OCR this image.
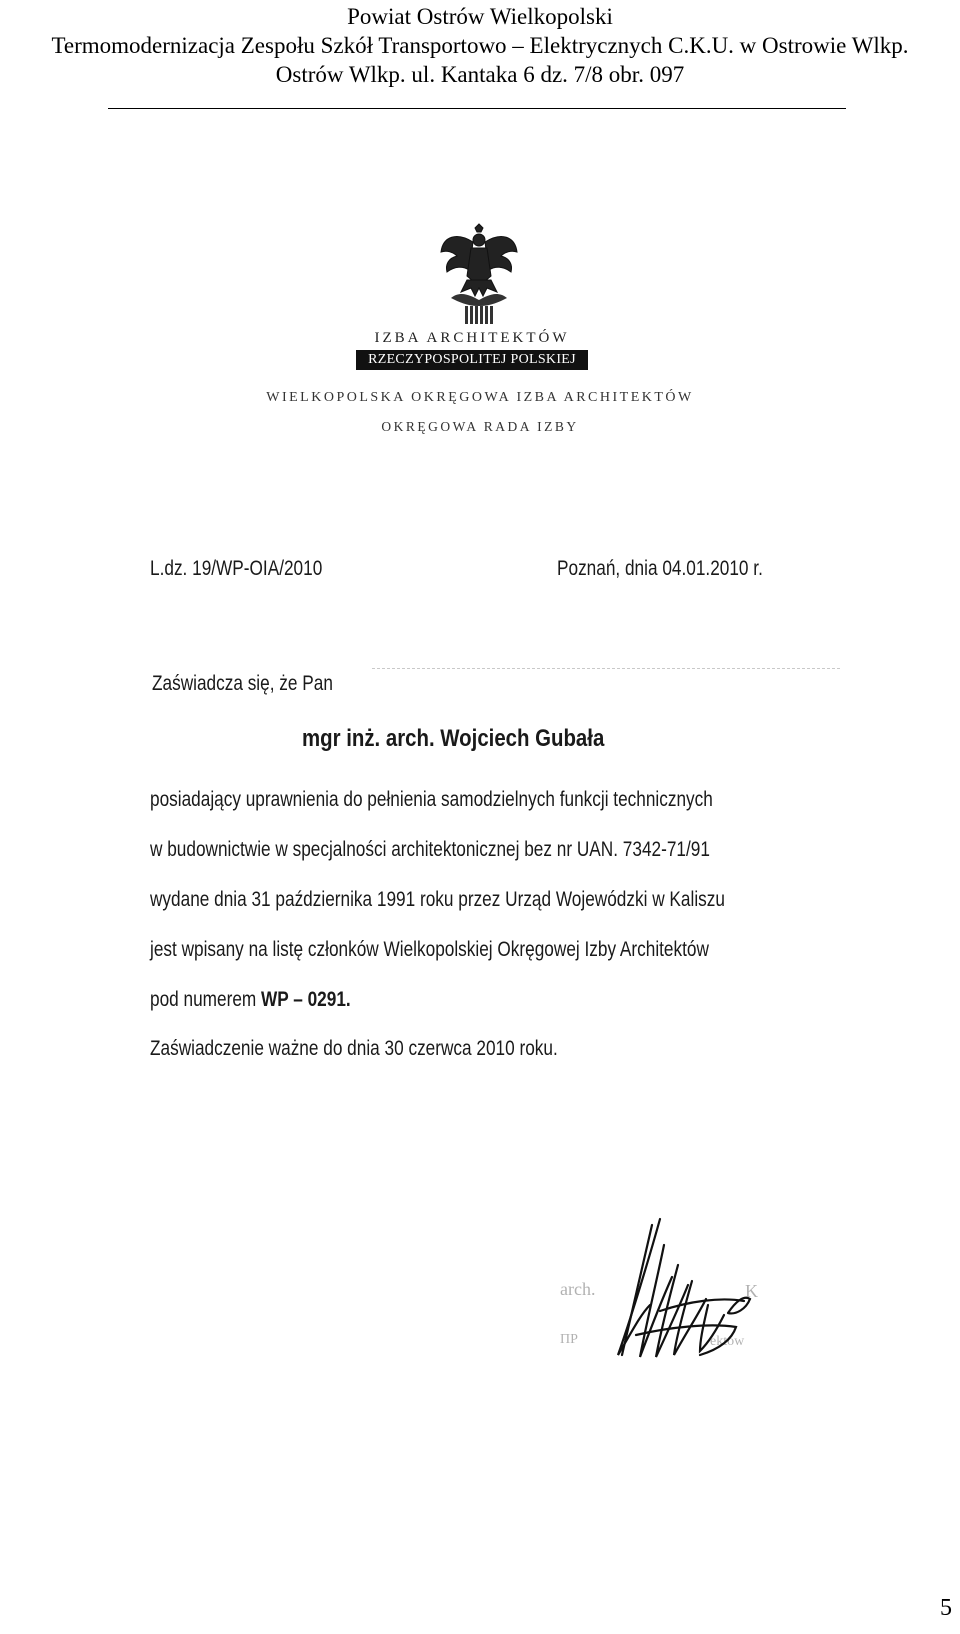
Powiat Ostrów Wielkopolski
Termomodernizacja Zespołu Szkół Transportowo – Elektrycznych C.K.U. w Ostrowie Wlkp.
Ostrów Wlkp. ul. Kantaka 6 dz. 7/8 obr. 097
IZBA ARCHITEKTÓW
RZECZYPOSPOLITEJ POLSKIEJ
WIELKOPOLSKA OKRĘGOWA IZBA ARCHITEKTÓW
OKRĘGOWA RADA IZBY
L.dz. 19/WP-OIA/2010	Poznań, dnia 04.01.2010 r.
Zaświadcza się, że Pan
mgr inż. arch. Wojciech Gubała
posiadający uprawnienia do pełnienia samodzielnych funkcji technicznych
w budownictwie w specjalności architektonicznej bez nr UAN. 7342-71/91
wydane dnia 31 października 1991 roku przez Urząd Wojewódzki w Kaliszu
jest wpisany na listę członków Wielkopolskiej Okręgowej Izby Architektów
pod numerem WP – 0291.
Zaświadczenie ważne do dnia 30 czerwca 2010 roku.
arch.	K
ΠΡ	ektów
arch. ... WICEPREZES
5
